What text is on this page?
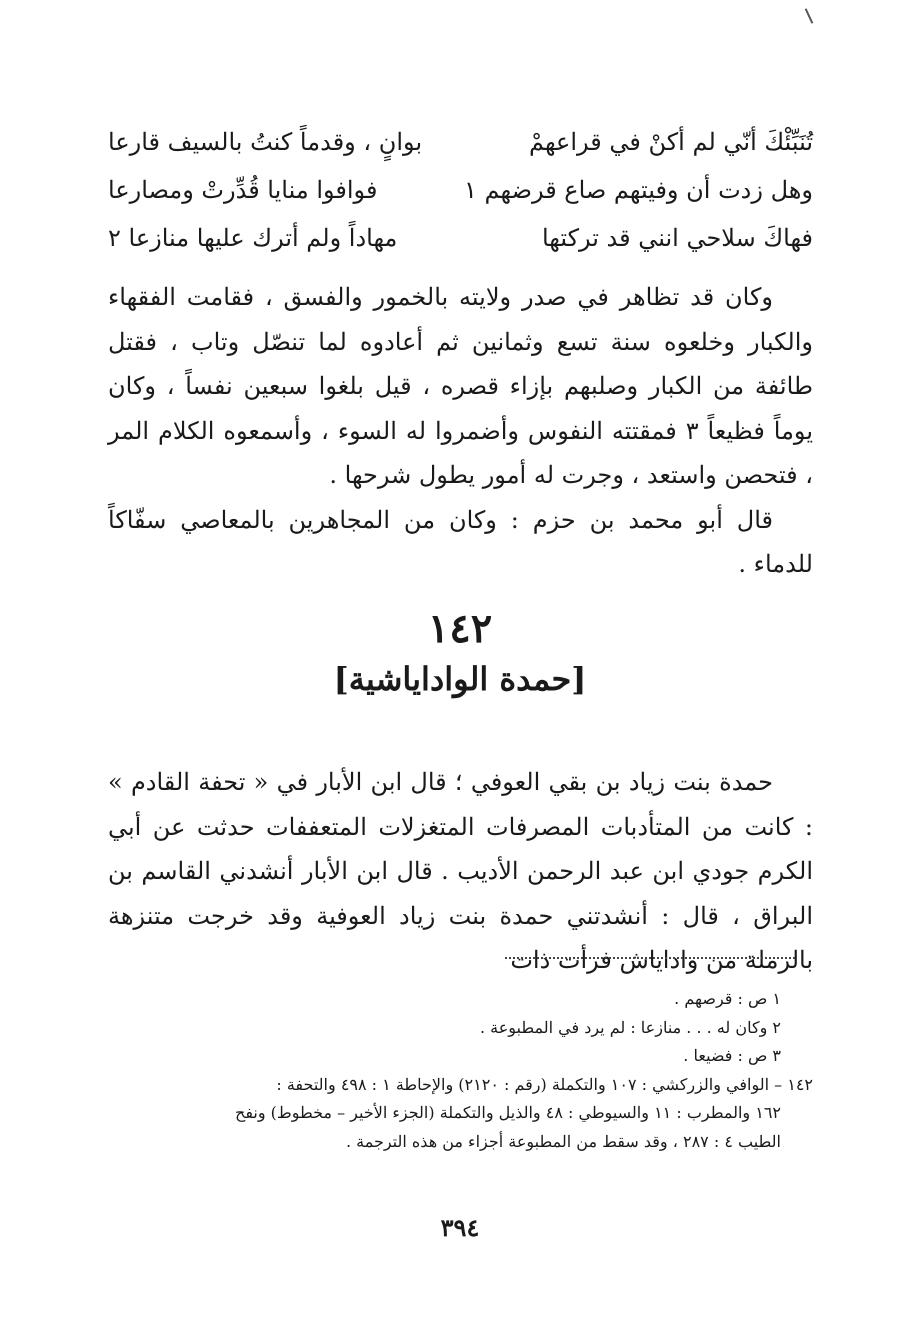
تُنَبِّئْكَ أنّي لم أكنْ في قراعهمْ
بوانٍ ، وقدماً كنتُ بالسيف قارعا
وهل زدت أن وفيتهم صاع قرضهم ١
فوافوا منايا قُدِّرتْ ومصارعا
فهاكَ سلاحي انني قد تركتها
مهاداً ولم أترك عليها منازعا ٢

وكان قد تظاهر في صدر ولايته بالخمور والفسق ، فقامت الفقهاء والكبار وخلعوه سنة تسع وثمانين ثم أعادوه لما تنصّل وتاب ، فقتل طائفة من الكبار وصلبهم بإزاء قصره ، قيل بلغوا سبعين نفساً ، وكان يوماً فظيعاً ٣ فمقتته النفوس وأضمروا له السوء ، وأسمعوه الكلام المر ، فتحصن واستعد ، وجرت له أمور يطول شرحها .

قال أبو محمد بن حزم : وكان من المجاهرين بالمعاصي سفّاكاً للدماء .

١٤٢
[حمدة الواداياشية]

حمدة بنت زياد بن بقي العوفي ؛ قال ابن الأبار في « تحفة القادم » : كانت من المتأدبات المصرفات المتغزلات المتعففات حدثت عن أبي الكرم جودي ابن عبد الرحمن الأديب . قال ابن الأبار أنشدني القاسم بن البراق ، قال : أنشدتني حمدة بنت زياد العوفية وقد خرجت متنزهة بالرملة من واداياش فرأت ذات

١ ص : قرصهم .
٢ وكان له . . . منازعا : لم يرد في المطبوعة .
٣ ص : فضيعا .
١٤٢ – الوافي والزركشي : ١٠٧ والتكملة (رقم : ٢١٢٠) والإحاطة ١ : ٤٩٨ والتحفة :
١٦٢ والمطرب : ١١ والسيوطي : ٤٨ والذيل والتكملة (الجزء الأخير – مخطوط) ونفح
الطيب ٤ : ٢٨٧ ، وقد سقط من المطبوعة أجزاء من هذه الترجمة .
٣٩٤
